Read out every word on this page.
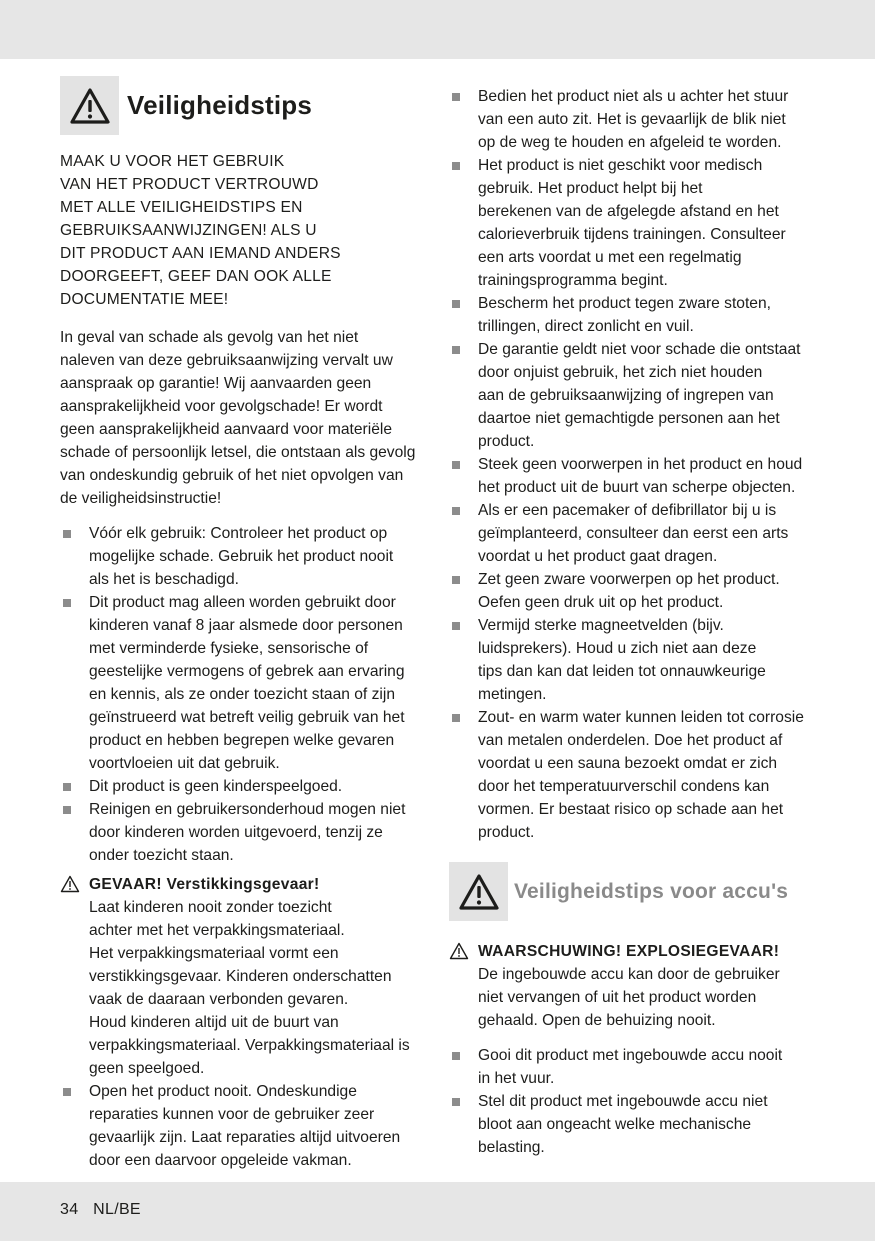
Veiligheidstips
MAAK U VOOR HET GEBRUIK
VAN HET PRODUCT VERTROUWD
MET ALLE VEILIGHEIDSTIPS EN
GEBRUIKSAANWIJZINGEN! ALS U
DIT PRODUCT AAN IEMAND ANDERS
DOORGEEFT, GEEF DAN OOK ALLE
DOCUMENTATIE MEE!
In geval van schade als gevolg van het niet
naleven van deze gebruiksaanwijzing vervalt uw
aanspraak op garantie! Wij aanvaarden geen
aansprakelijkheid voor gevolgschade! Er wordt
geen aansprakelijkheid aanvaard voor materiële
schade of persoonlijk letsel, die ontstaan als gevolg
van ondeskundig gebruik of het niet opvolgen van
de veiligheidsinstructie!
Vóór elk gebruik: Controleer het product op
mogelijke schade. Gebruik het product nooit
als het is beschadigd.
Dit product mag alleen worden gebruikt door
kinderen vanaf 8 jaar alsmede door personen
met verminderde fysieke, sensorische of
geestelijke vermogens of gebrek aan ervaring
en kennis, als ze onder toezicht staan of zijn
geïnstrueerd wat betreft veilig gebruik van het
product en hebben begrepen welke gevaren
voortvloeien uit dat gebruik.
Dit product is geen kinderspeelgoed.
Reinigen en gebruikersonderhoud mogen niet
door kinderen worden uitgevoerd, tenzij ze
onder toezicht staan.
GEVAAR! Verstikkingsgevaar!
Laat kinderen nooit zonder toezicht
achter met het verpakkingsmateriaal.
Het verpakkingsmateriaal vormt een
verstikkingsgevaar. Kinderen onderschatten
vaak de daaraan verbonden gevaren.
Houd kinderen altijd uit de buurt van
verpakkingsmateriaal. Verpakkingsmateriaal is
geen speelgoed.
Open het product nooit. Ondeskundige
reparaties kunnen voor de gebruiker zeer
gevaarlijk zijn. Laat reparaties altijd uitvoeren
door een daarvoor opgeleide vakman.
Bedien het product niet als u achter het stuur
van een auto zit. Het is gevaarlijk de blik niet
op de weg te houden en afgeleid te worden.
Het product is niet geschikt voor medisch
gebruik. Het product helpt bij het
berekenen van de afgelegde afstand en het
calorieverbruik tijdens trainingen. Consulteer
een arts voordat u met een regelmatig
trainingsprogramma begint.
Bescherm het product tegen zware stoten,
trillingen, direct zonlicht en vuil.
De garantie geldt niet voor schade die ontstaat
door onjuist gebruik, het zich niet houden
aan de gebruiksaanwijzing of ingrepen van
daartoe niet gemachtigde personen aan het
product.
Steek geen voorwerpen in het product en houd
het product uit de buurt van scherpe objecten.
Als er een pacemaker of defibrillator bij u is
geïmplanteerd, consulteer dan eerst een arts
voordat u het product gaat dragen.
Zet geen zware voorwerpen op het product.
Oefen geen druk uit op het product.
Vermijd sterke magneetvelden (bijv.
luidsprekers). Houd u zich niet aan deze
tips dan kan dat leiden tot onnauwkeurige
metingen.
Zout- en warm water kunnen leiden tot corrosie
van metalen onderdelen. Doe het product af
voordat u een sauna bezoekt omdat er zich
door het temperatuurverschil condens kan
vormen. Er bestaat risico op schade aan het
product.
Veiligheidstips voor accu's
WAARSCHUWING! EXPLOSIEGEVAAR!
De ingebouwde accu kan door de gebruiker
niet vervangen of uit het product worden
gehaald. Open de behuizing nooit.
Gooi dit product met ingebouwde accu nooit
in het vuur.
Stel dit product met ingebouwde accu niet
bloot aan ongeacht welke mechanische
belasting.
34 NL/BE
